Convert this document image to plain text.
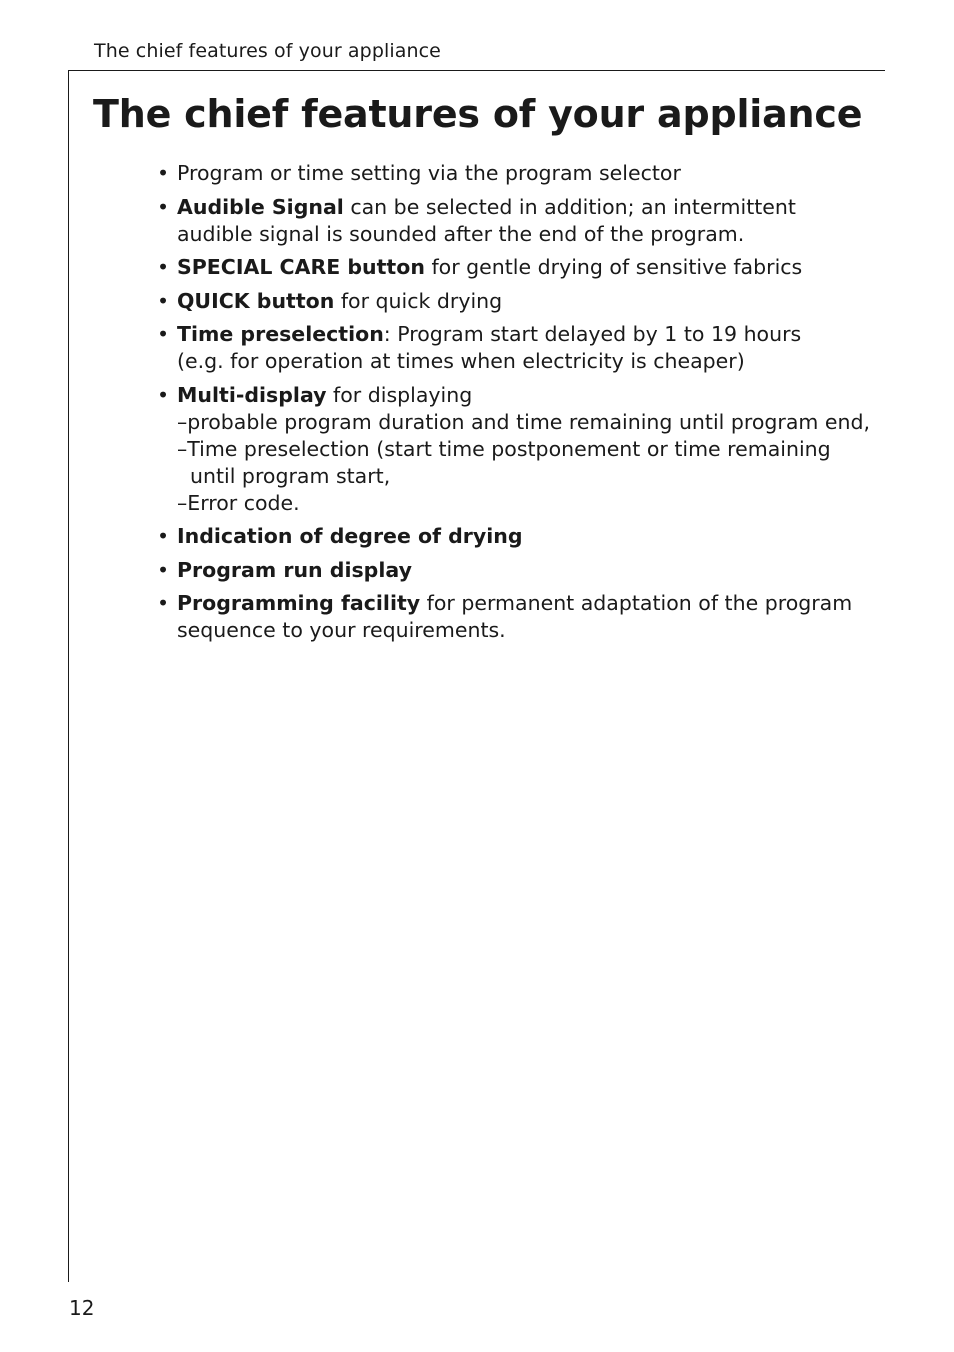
The chief features of your appliance
The chief features of your appliance
• Program or time setting via the program selector
• Audible Signal can be selected in addition; an intermittent audible signal is sounded after the end of the program.
• SPECIAL CARE button for gentle drying of sensitive fabrics
• QUICK button for quick drying
• Time preselection: Program start delayed by 1 to 19 hours
(e.g. for operation at times when electricity is cheaper)
• Multi-display for displaying
–probable program duration and time remaining until program end,
–Time preselection (start time postponement or time remaining until program start,
–Error code.
• Indication of degree of drying
• Program run display
• Programming facility for permanent adaptation of the program sequence to your requirements.
12
